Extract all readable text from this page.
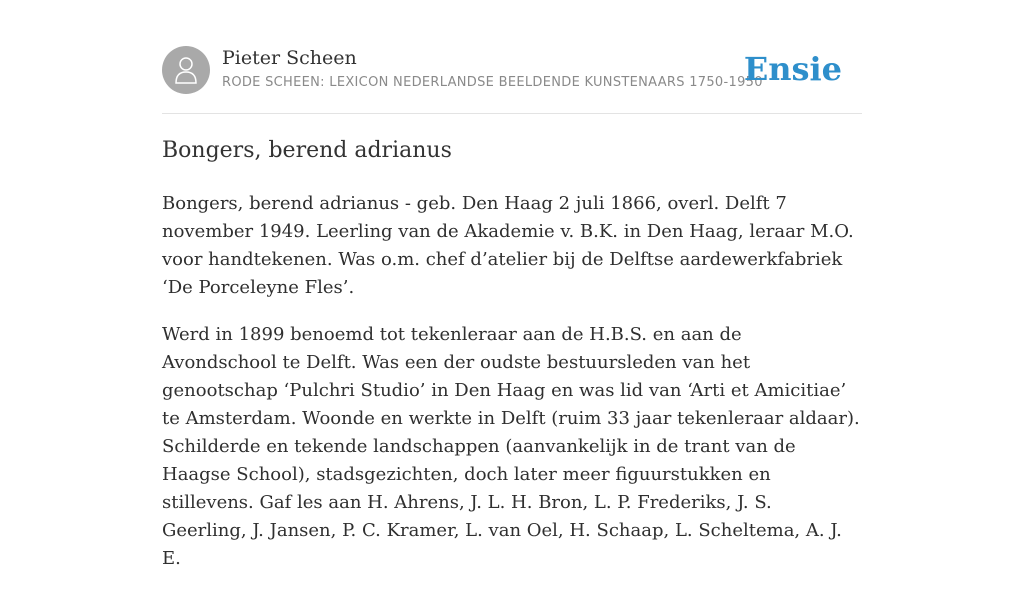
Pieter Scheen
RODE SCHEEN: LEXICON NEDERLANDSE BEELDENDE KUNSTENAARS 1750-1950
Ensie
Bongers, berend adrianus

Bongers, berend adrianus - geb. Den Haag 2 juli 1866, overl. Delft 7 november 1949. Leerling van de Akademie v. B.K. in Den Haag, leraar M.O. voor handtekenen. Was o.m. chef d’atelier bij de Delftse aardewerkfabriek ‘De Porceleyne Fles’.

Werd in 1899 benoemd tot tekenleraar aan de H.B.S. en aan de Avondschool te Delft. Was een der oudste bestuursleden van het genootschap ‘Pulchri Studio’ in Den Haag en was lid van ‘Arti et Amicitiae’ te Amsterdam. Woonde en werkte in Delft (ruim 33 jaar tekenleraar aldaar). Schilderde en tekende landschappen (aanvankelijk in de trant van de Haagse School), stadsgezichten, doch later meer figuurstukken en stillevens. Gaf les aan H. Ahrens, J. L. H. Bron, L. P. Frederiks, J. S. Geerling, J. Jansen, P. C. Kramer, L. van Oel, H. Schaap, L. Scheltema, A. J. E.
